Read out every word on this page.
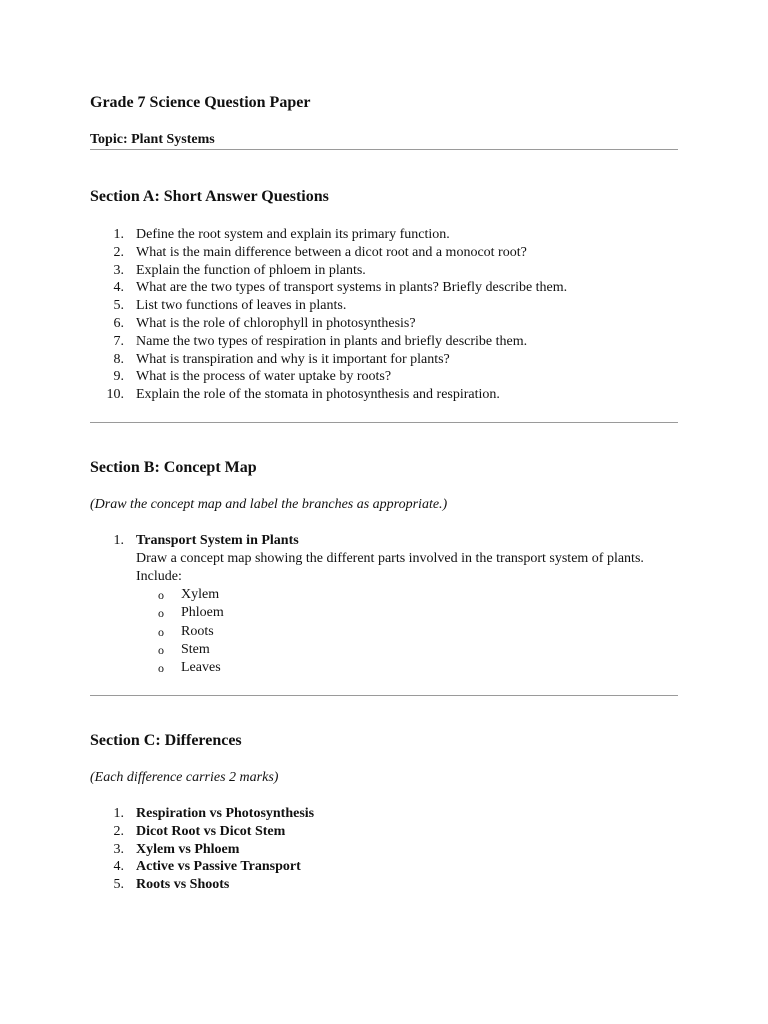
Grade 7 Science Question Paper
Topic: Plant Systems
Section A: Short Answer Questions
1. Define the root system and explain its primary function.
2. What is the main difference between a dicot root and a monocot root?
3. Explain the function of phloem in plants.
4. What are the two types of transport systems in plants? Briefly describe them.
5. List two functions of leaves in plants.
6. What is the role of chlorophyll in photosynthesis?
7. Name the two types of respiration in plants and briefly describe them.
8. What is transpiration and why is it important for plants?
9. What is the process of water uptake by roots?
10. Explain the role of the stomata in photosynthesis and respiration.
Section B: Concept Map
(Draw the concept map and label the branches as appropriate.)
1. Transport System in Plants
Draw a concept map showing the different parts involved in the transport system of plants. Include:
o Xylem
o Phloem
o Roots
o Stem
o Leaves
Section C: Differences
(Each difference carries 2 marks)
1. Respiration vs Photosynthesis
2. Dicot Root vs Dicot Stem
3. Xylem vs Phloem
4. Active vs Passive Transport
5. Roots vs Shoots
